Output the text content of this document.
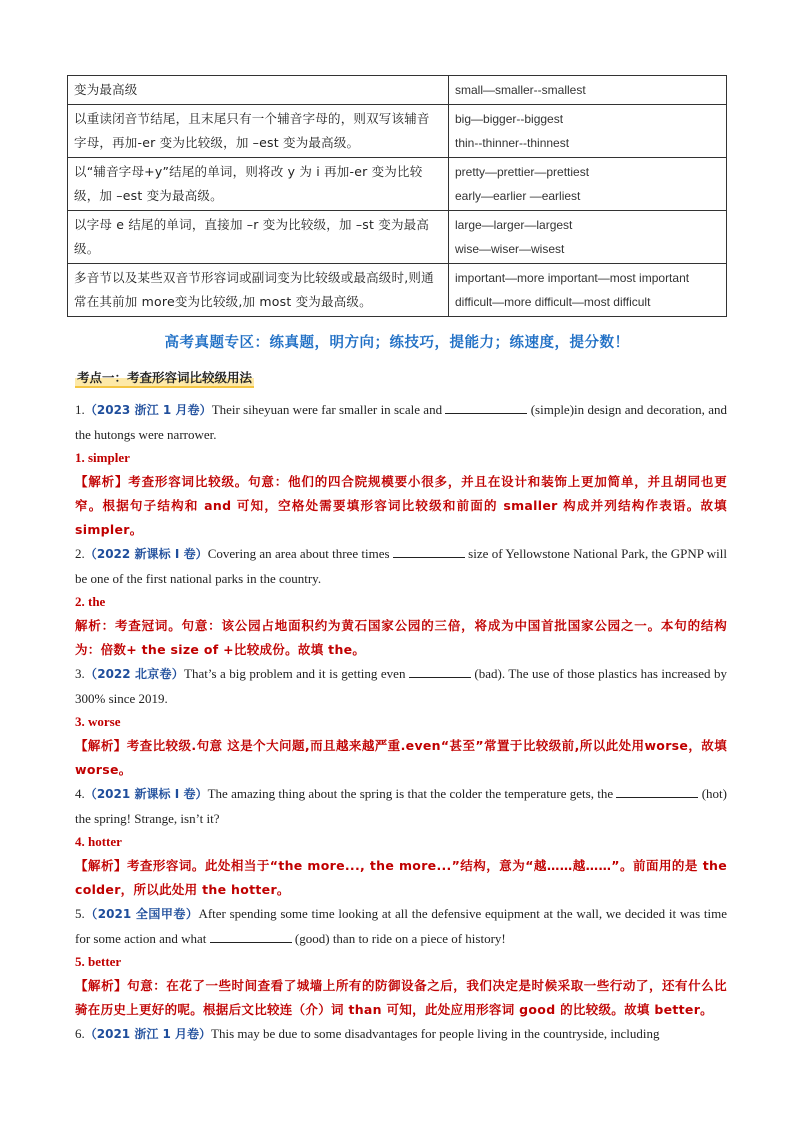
变为最高级	small—smaller--smallest

以重读闭音节结尾，且末尾只有一个辅音字母的，则双写该辅音字母，再加-er 变为比较级，加 –est 变为最高级。	big—bigger--biggest
thin--thinner--thinnest

以“辅音字母+y”结尾的单词，则将改 y 为 i 再加-er 变为比较级，加 –est 变为最高级。	pretty—prettier—prettiest
early—earlier —earliest

以字母 e 结尾的单词，直接加 –r 变为比较级，加 –st 变为最高级。	large—larger—largest
wise—wiser—wisest

多音节以及某些双音节形容词或副词变为比较级或最高级时,则通常在其前加 more变为比较级,加 most 变为最高级。	important—more important—most important
difficult—more difficult—most difficult
高考真题专区：练真题，明方向；练技巧，提能力；练速度，提分数！
考点一：考查形容词比较级用法

1.（2023 浙江 1 月卷）Their siheyuan were far smaller in scale and	(simple)in design and decoration, and the hutongs were narrower.

1. simpler

【解析】考查形容词比较级。句意：他们的四合院规模要小很多，并且在设计和装饰上更加简单，并且胡同也更窄。根据句子结构和 and 可知，空格处需要填形容词比较级和前面的 smaller 构成并列结构作表语。故填 simpler。

2.（2022 新课标 I 卷）Covering an area about three times	size of Yellowstone National Park, the GPNP will be one of the first national parks in the country.

2. the

解析：考查冠词。句意：该公园占地面积约为黄石国家公园的三倍，将成为中国首批国家公园之一。本句的结构为：倍数+ the size of +比较成份。故填 the。

3.（2022 北京卷）That’s a big problem and it is getting even	(bad). The use of those plastics has increased by 300% since 2019.

3. worse

【解析】考查比较级.句意 这是个大问题,而且越来越严重.even“甚至”常置于比较级前,所以此处用worse，故填worse。

4.（2021 新课标 I 卷）The amazing thing about the spring is that the colder the temperature gets, the	(hot) the spring! Strange, isn’t it?

4. hotter

【解析】考查形容词。此处相当于“the more..., the more...”结构，意为“越……越……”。前面用的是 the colder，所以此处用 the hotter。

5.（2021 全国甲卷）After spending some time looking at all the defensive equipment at the wall, we decided it was time for some action and what	(good) than to ride on a piece of history!

5. better

【解析】句意：在花了一些时间查看了城墙上所有的防御设备之后，我们决定是时候采取一些行动了，还有什么比骑在历史上更好的呢。根据后文比较连（介）词 than 可知，此处应用形容词 good 的比较级。故填 better。

6.（2021 浙江 1 月卷）This may be due to some disadvantages for people living in the countryside, including
